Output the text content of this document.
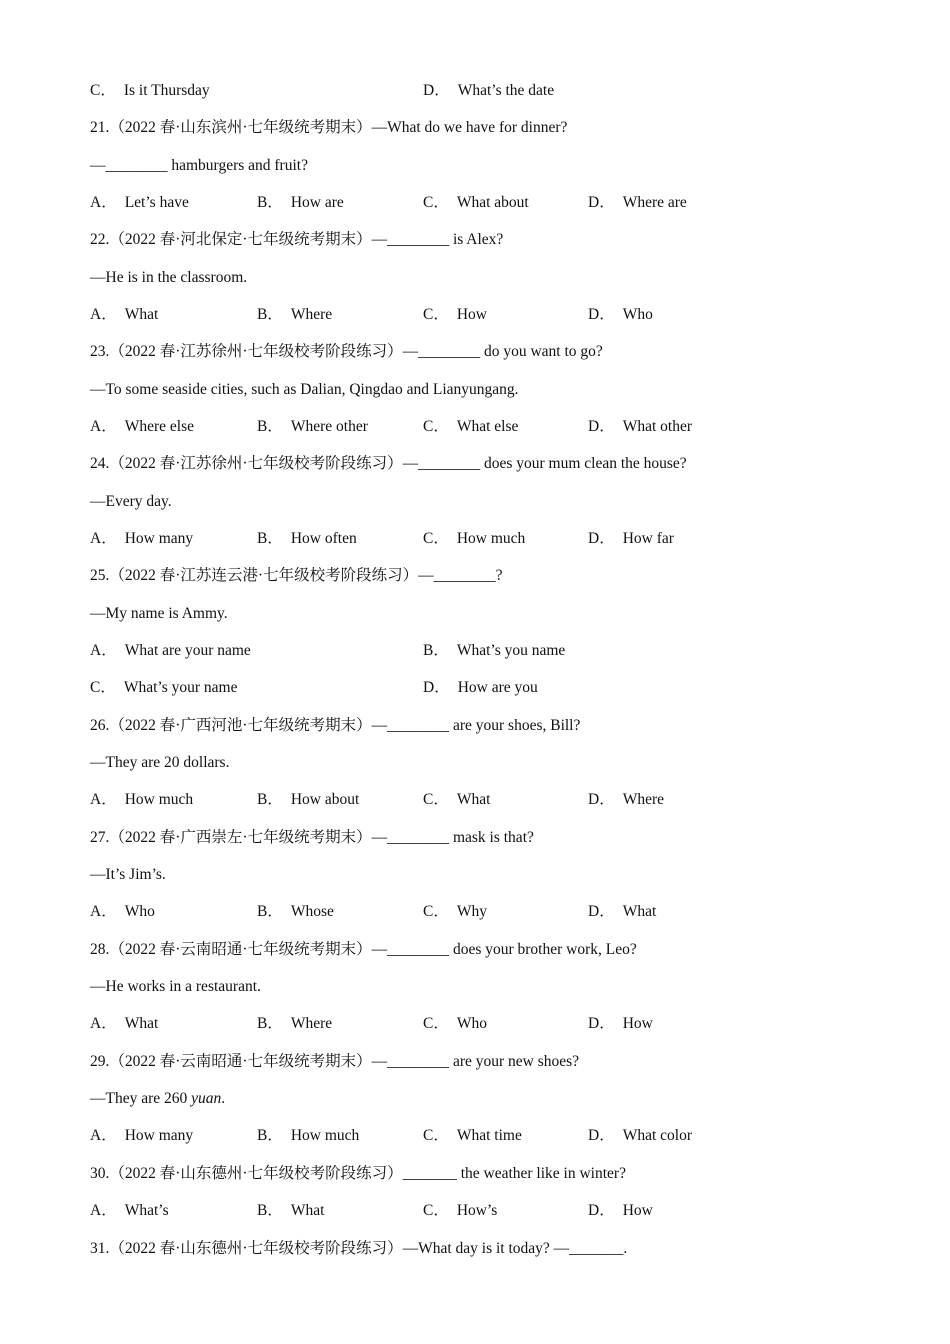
C． Is it Thursday	D． What’s the date
21.（2022 春·山东滨州·七年级统考期末）—What do we have for dinner?
—________ hamburgers and fruit?
A． Let’s have	B． How are	C． What about	D． Where are
22.（2022 春·河北保定·七年级统考期末）—________ is Alex?
—He is in the classroom.
A． What	B． Where	C． How	D． Who
23.（2022 春·江苏徐州·七年级校考阶段练习）—________ do you want to go?
—To some seaside cities, such as Dalian, Qingdao and Lianyungang.
A． Where else	B． Where other	C． What else	D． What other
24.（2022 春·江苏徐州·七年级校考阶段练习）—________ does your mum clean the house?
—Every day.
A． How many	B． How often	C． How much	D． How far
25.（2022 春·江苏连云港·七年级校考阶段练习）—________?
—My name is Ammy.
A． What are your name	B． What’s you name
C． What’s your name	D． How are you
26.（2022 春·广西河池·七年级统考期末）—________ are your shoes, Bill?
—They are 20 dollars.
A． How much	B． How about	C． What	D． Where
27.（2022 春·广西崇左·七年级统考期末）—________ mask is that?
—It’s Jim’s.
A． Who	B． Whose	C． Why	D． What
28.（2022 春·云南昭通·七年级统考期末）—________ does your brother work, Leo?
—He works in a restaurant.
A． What	B． Where	C． Who	D． How
29.（2022 春·云南昭通·七年级统考期末）—________ are your new shoes?
—They are 260 yuan.
A． How many	B． How much	C． What time	D． What color
30.（2022 春·山东德州·七年级校考阶段练习）_______ the weather like in winter?
A． What’s	B． What	C． How’s	D． How
31.（2022 春·山东德州·七年级校考阶段练习）—What day is it today? —_______.
